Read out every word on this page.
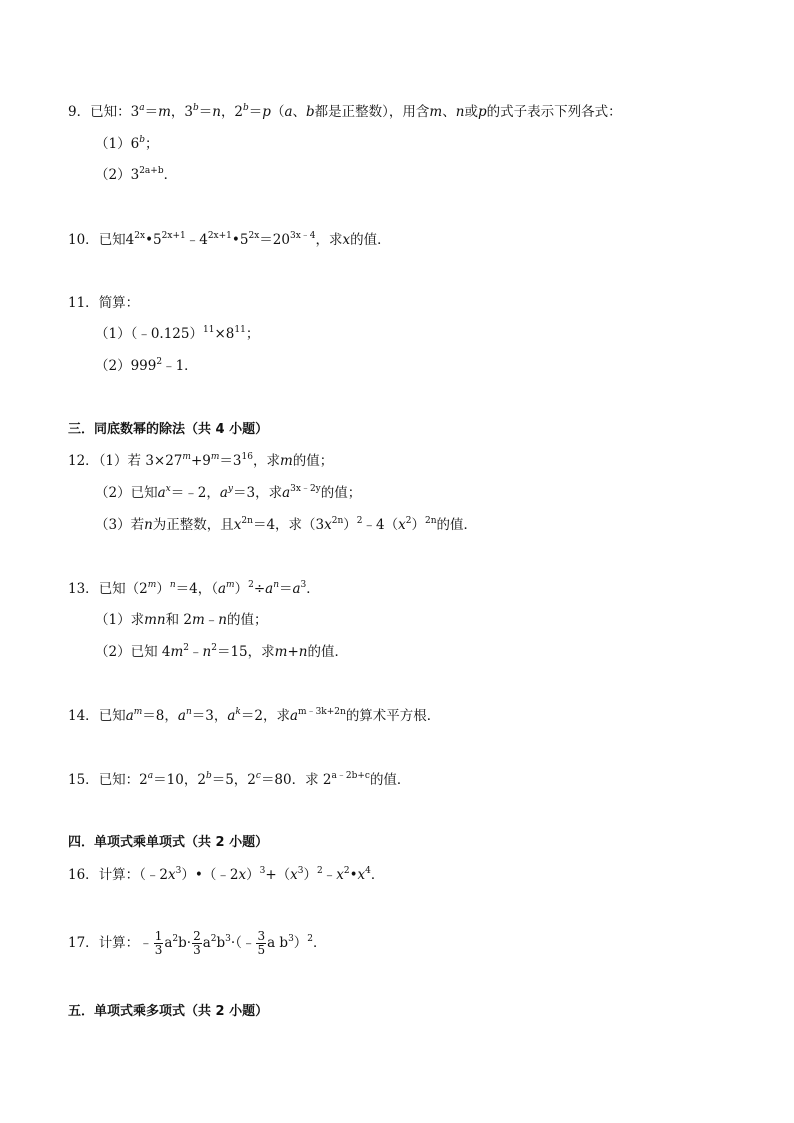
9．已知：$3^a=m$，$3^b=n$，$2^b=p(a$、b都是正整数），用含m、n或p的式子表示下列各式：
（1）6$^b$；
$(2)3^{2a+b}$．
10．已知$4^{2x}•5^{2x+1}﹣4^{2x+1}•5^{2x}=20^{3x﹣4}$，求x的值．
11．简算：
$(1)(﹣0.125)^{11}\times 8^{11}$；
$(2)999^2﹣1$．
三．同底数幂的除法（共 4 小题）
12．（1）若 $3\times 27^m+9^m=3^{16}$，求m的值；
（2）已知$a^x=﹣2$，$a^y=3$，求$a^{3x﹣2y}$的值；
（3）若n为正整数，且$x^{2n}=4$，求$(3x^{2n})^2﹣4(x^2)^{2n}$的值．
13．已知$(2^m)^n=4$，$(a^m)^2\div a^n=a^3$．
（1）求mn和 2m﹣n的值；
（2）已知 $4m^2﹣n^2=15$，求m+n的值．
14．已知$a^m=8$，$a^n=3$，$a^k=2$，求$a^{m﹣3k+2n}$的算术平方根．
15．已知：$2^a=10$，$2^b=5$，$2^c=80$．求 $2^{a﹣2b+c}$的值．
四．单项式乘单项式（共 2 小题）
16．计算：$(﹣2x^3)•(﹣2x)^3+(x^3)^2﹣x^2•x^4$．
17．计算：﹣ $\frac{1}{3} a^2b\cdot \frac{2}{3}$ $a^2b^3\cdot(﹣ \frac{3}{5}$ a $b^3)^2$．
五．单项式乘多项式（共 2 小题）
